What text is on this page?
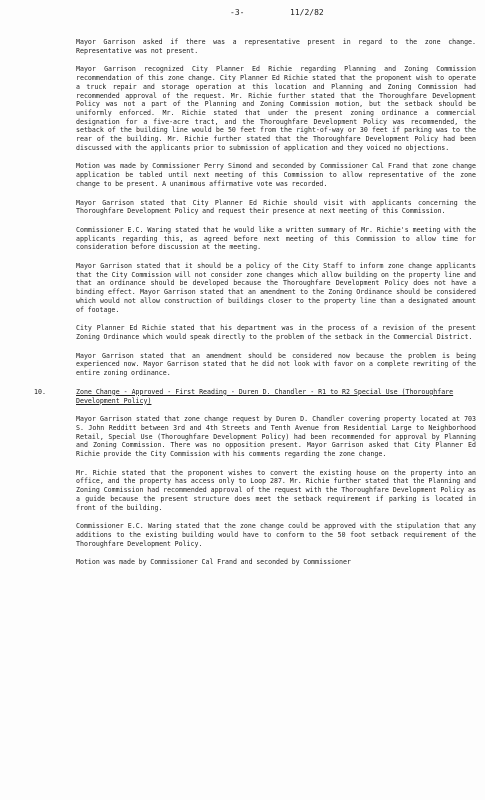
-3-	11/2/82

Mayor Garrison asked if there was a representative present in regard to the zone change. Representative was not present.

Mayor Garrison recognized City Planner Ed Richie regarding Planning and Zoning Commission recommendation of this zone change. City Planner Ed Richie stated that the proponent wish to operate a truck repair and storage operation at this location and Planning and Zoning Commission had recommended approval of the request. Mr. Richie further stated that the Thoroughfare Development Policy was not a part of the Planning and Zoning Commission motion, but the setback should be uniformly enforced. Mr. Richie stated that under the present zoning ordinance a commercial designation for a five-acre tract, and the Thoroughfare Development Policy was recommended, the setback of the building line would be 50 feet from the right-of-way or 30 feet if parking was to the rear of the building. Mr. Richie further stated that the Thoroughfare Development Policy had been discussed with the applicants prior to submission of application and they voiced no objections.

Motion was made by Commissioner Perry Simond and seconded by Commissioner Cal Frand that zone change application be tabled until next meeting of this Commission to allow representative of the zone change to be present. A unanimous affirmative vote was recorded.

Mayor Garrison stated that City Planner Ed Richie should visit with applicants concerning the Thoroughfare Development Policy and request their presence at next meeting of this Commission.

Commissioner E.C. Waring stated that he would like a written summary of Mr. Richie's meeting with the applicants regarding this, as agreed before next meeting of this Commission to allow time for consideration before discussion at the meeting.

Mayor Garrison stated that it should be a policy of the City Staff to inform zone change applicants that the City Commission will not consider zone changes which allow building on the property line and that an ordinance should be developed because the Thoroughfare Development Policy does not have a binding effect. Mayor Garrison stated that an amendment to the Zoning Ordinance should be considered which would not allow construction of buildings closer to the property line than a designated amount of footage.

City Planner Ed Richie stated that his department was in the process of a revision of the present Zoning Ordinance which would speak directly to the problem of the setback in the Commercial District.

Mayor Garrison stated that an amendment should be considered now because the problem is being experienced now. Mayor Garrison stated that he did not look with favor on a complete rewriting of the entire zoning ordinance.

10.	Zone Change - Approved - First Reading - Duren D. Chandler - R1 to R2 Special Use (Thoroughfare Development Policy)

Mayor Garrison stated that zone change request by Duren D. Chandler covering property located at 703 S. John Redditt between 3rd and 4th Streets and Tenth Avenue from Residential Large to Neighborhood Retail, Special Use (Thoroughfare Development Policy) had been recommended for approval by Planning and Zoning Commission. There was no opposition present. Mayor Garrison asked that City Planner Ed Richie provide the City Commission with his comments regarding the zone change.

Mr. Richie stated that the proponent wishes to convert the existing house on the property into an office, and the property has access only to Loop 287. Mr. Richie further stated that the Planning and Zoning Commission had recommended approval of the request with the Thoroughfare Development Policy as a guide because the present structure does meet the setback requirement if parking is located in front of the building.

Commissioner E.C. Waring stated that the zone change could be approved with the stipulation that any additions to the existing building would have to conform to the 50 foot setback requirement of the Thoroughfare Development Policy.

Motion was made by Commissioner Cal Frand and seconded by Commissioner
